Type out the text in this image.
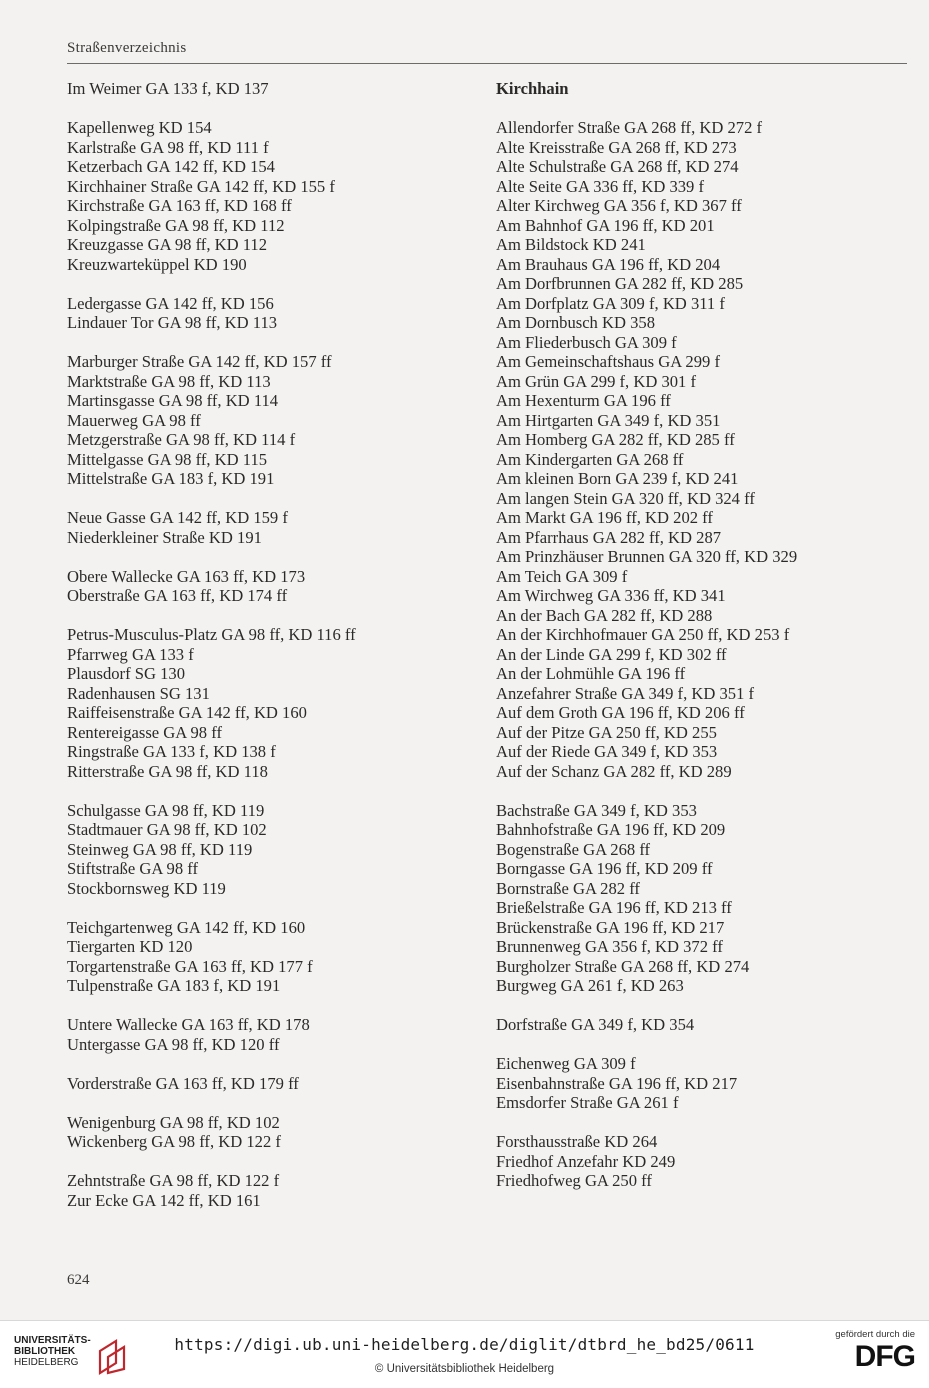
Straßenverzeichnis
Im Weimer GA 133 f, KD 137
Kapellenweg KD 154
Karlstraße GA 98 ff, KD 111 f
Ketzerbach GA 142 ff, KD 154
Kirchhainer Straße GA 142 ff, KD 155 f
Kirchstraße GA 163 ff, KD 168 ff
Kolpingstraße GA 98 ff, KD 112
Kreuzgasse GA 98 ff, KD 112
Kreuzwarteküppel KD 190
Ledergasse GA 142 ff, KD 156
Lindauer Tor GA 98 ff, KD 113
Marburger Straße GA 142 ff, KD 157 ff
Marktstraße GA 98 ff, KD 113
Martinsgasse GA 98 ff, KD 114
Mauerweg GA 98 ff
Metzgerstraße GA 98 ff, KD 114 f
Mittelgasse GA 98 ff, KD 115
Mittelstraße GA 183 f, KD 191
Neue Gasse GA 142 ff, KD 159 f
Niederkleiner Straße KD 191
Obere Wallecke GA 163 ff, KD 173
Oberstraße GA 163 ff, KD 174 ff
Petrus-Musculus-Platz GA 98 ff, KD 116 ff
Pfarrweg GA 133 f
Plausdorf SG 130
Radenhausen SG 131
Raiffeisenstraße GA 142 ff, KD 160
Rentereigasse GA 98 ff
Ringstraße GA 133 f, KD 138 f
Ritterstraße GA 98 ff, KD 118
Schulgasse GA 98 ff, KD 119
Stadtmauer GA 98 ff, KD 102
Steinweg GA 98 ff, KD 119
Stiftstraße GA 98 ff
Stockbornsweg KD 119
Teichgartenweg GA 142 ff, KD 160
Tiergarten KD 120
Torgartenstraße GA 163 ff, KD 177 f
Tulpenstraße GA 183 f, KD 191
Untere Wallecke GA 163 ff, KD 178
Untergasse GA 98 ff, KD 120 ff
Vorderstraße GA 163 ff, KD 179 ff
Wenigenburg GA 98 ff, KD 102
Wickenberg GA 98 ff, KD 122 f
Zehntstraße GA 98 ff, KD 122 f
Zur Ecke GA 142 ff, KD 161
Kirchhain
Allendorfer Straße GA 268 ff, KD 272 f
Alte Kreisstraße GA 268 ff, KD 273
Alte Schulstraße GA 268 ff, KD 274
Alte Seite GA 336 ff, KD 339 f
Alter Kirchweg GA 356 f, KD 367 ff
Am Bahnhof GA 196 ff, KD 201
Am Bildstock KD 241
Am Brauhaus GA 196 ff, KD 204
Am Dorfbrunnen GA 282 ff, KD 285
Am Dorfplatz GA 309 f, KD 311 f
Am Dornbusch KD 358
Am Fliederbusch GA 309 f
Am Gemeinschaftshaus GA 299 f
Am Grün GA 299 f, KD 301 f
Am Hexenturm GA 196 ff
Am Hirtgarten GA 349 f, KD 351
Am Homberg GA 282 ff, KD 285 ff
Am Kindergarten GA 268 ff
Am kleinen Born GA 239 f, KD 241
Am langen Stein GA 320 ff, KD 324 ff
Am Markt GA 196 ff, KD 202 ff
Am Pfarrhaus GA 282 ff, KD 287
Am Prinzhäuser Brunnen GA 320 ff, KD 329
Am Teich GA 309 f
Am Wirchweg GA 336 ff, KD 341
An der Bach GA 282 ff, KD 288
An der Kirchhofmauer GA 250 ff, KD 253 f
An der Linde GA 299 f, KD 302 ff
An der Lohmühle GA 196 ff
Anzefahrer Straße GA 349 f, KD 351 f
Auf dem Groth GA 196 ff, KD 206 ff
Auf der Pitze GA 250 ff, KD 255
Auf der Riede GA 349 f, KD 353
Auf der Schanz GA 282 ff, KD 289
Bachstraße GA 349 f, KD 353
Bahnhofstraße GA 196 ff, KD 209
Bogenstraße GA 268 ff
Borngasse GA 196 ff, KD 209 ff
Bornstraße GA 282 ff
Brießelstraße GA 196 ff, KD 213 ff
Brückenstraße GA 196 ff, KD 217
Brunnenweg GA 356 f, KD 372 ff
Burgholzer Straße GA 268 ff, KD 274
Burgweg GA 261 f, KD 263
Dorfstraße GA 349 f, KD 354
Eichenweg GA 309 f
Eisenbahnstraße GA 196 ff, KD 217
Emsdorfer Straße GA 261 f
Forsthausstraße KD 264
Friedhof Anzefahr KD 249
Friedhofweg GA 250 ff
624
UNIVERSITÄTS-
BIBLIOTHEK
HEIDELBERG
https://digi.ub.uni-heidelberg.de/diglit/dtbrd_he_bd25/0611
© Universitätsbibliothek Heidelberg
gefördert durch die
DFG
